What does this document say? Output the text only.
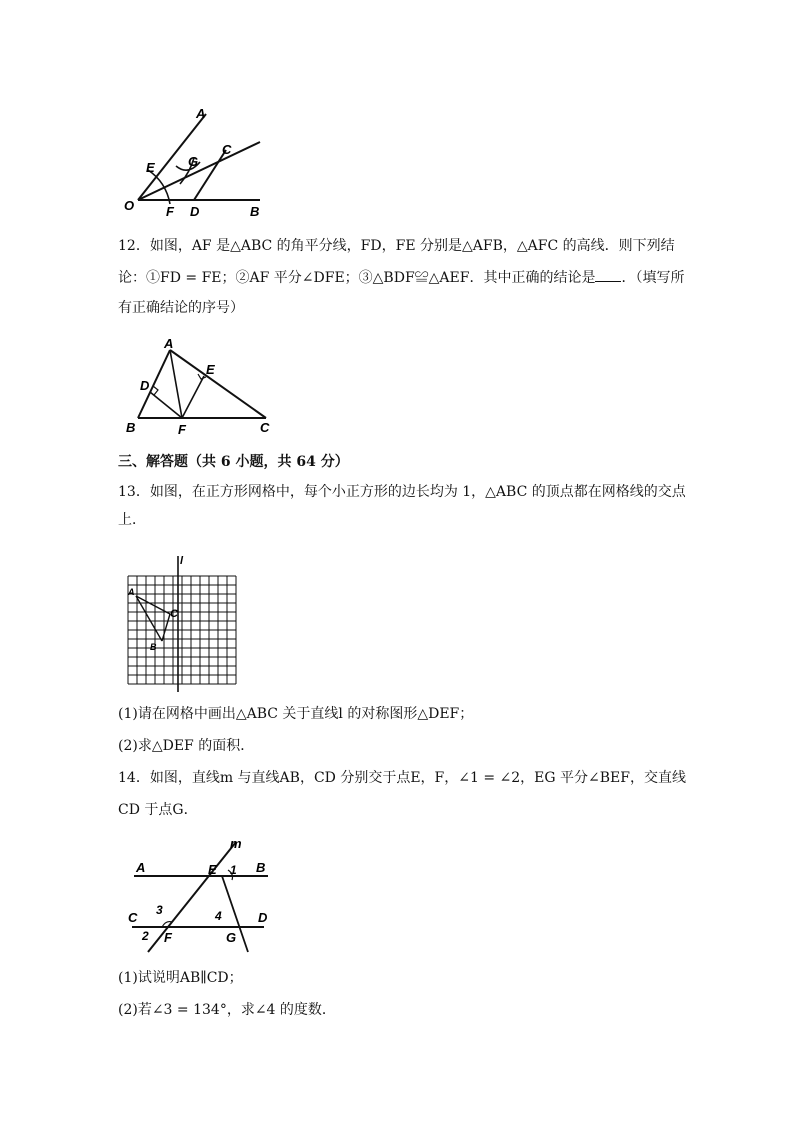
A
C
E	G
O F D	B
12．如图，AF 是△ABC 的角平分线，FD，FE 分别是△AFB，△AFC 的高线．则下列结
论：①FD = FE；②AF 平分∠DFE；③△BDF≌△AEF．其中正确的结论是 ．（填写所
有正确结论的序号）
A
D
E
B	F	C
三、解答题（共 6 小题，共 64 分）
13．如图，在正方形网格中，每个小正方形的边长均为 1，△ABC 的顶点都在网格线的交点
上．
l
A
C
B
(1)请在网格中画出△ABC 关于直线l 的对称图形△DEF；
(2)求△DEF 的面积．
14．如图，直线m 与直线AB，CD 分别交于点E，F，∠1 = ∠2，EG 平分∠BEF，交直线
CD 于点G．
m
A	E 1 B
C 3	4	D
2 F	G
(1)试说明AB∥CD；
(2)若∠3 = 134°，求∠4 的度数．
